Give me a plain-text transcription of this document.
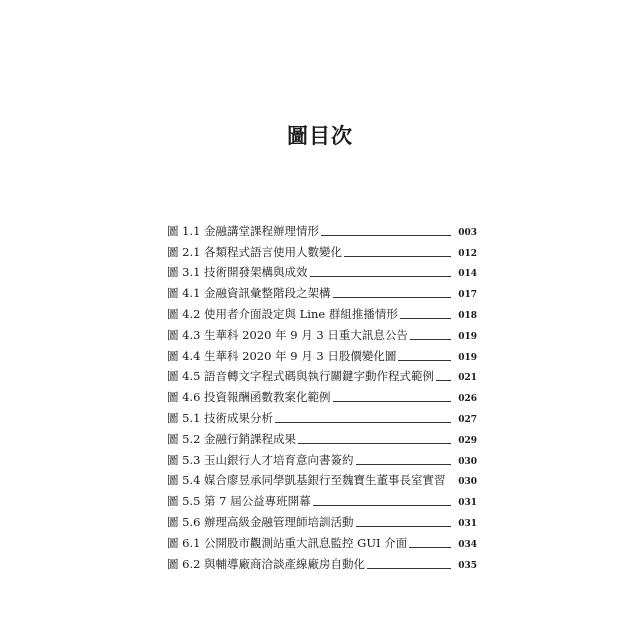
圖目次
圖 1.1 金融講堂課程辦理情形	003
圖 2.1 各類程式語言使用人數變化	012
圖 3.1 技術開發架構與成效	014
圖 4.1 金融資訊彙整階段之架構	017
圖 4.2 使用者介面設定與 Line 群組推播情形	018
圖 4.3 生華科 2020 年 9 月 3 日重大訊息公告	019
圖 4.4 生華科 2020 年 9 月 3 日股價變化圖	019
圖 4.5 語音轉文字程式碼與執行關鍵字動作程式範例	021
圖 4.6 投資報酬函數教案化範例	026
圖 5.1 技術成果分析	027
圖 5.2 金融行銷課程成果	029
圖 5.3 玉山銀行人才培育意向書簽約	030
圖 5.4 媒合廖昱承同學凱基銀行至魏寶生董事長室實習	030
圖 5.5 第 7 屆公益專班開幕	031
圖 5.6 辦理高級金融管理師培訓活動	031
圖 6.1 公開股市觀測站重大訊息監控 GUI 介面	034
圖 6.2 與輔導廠商洽談產線廠房自動化	035
